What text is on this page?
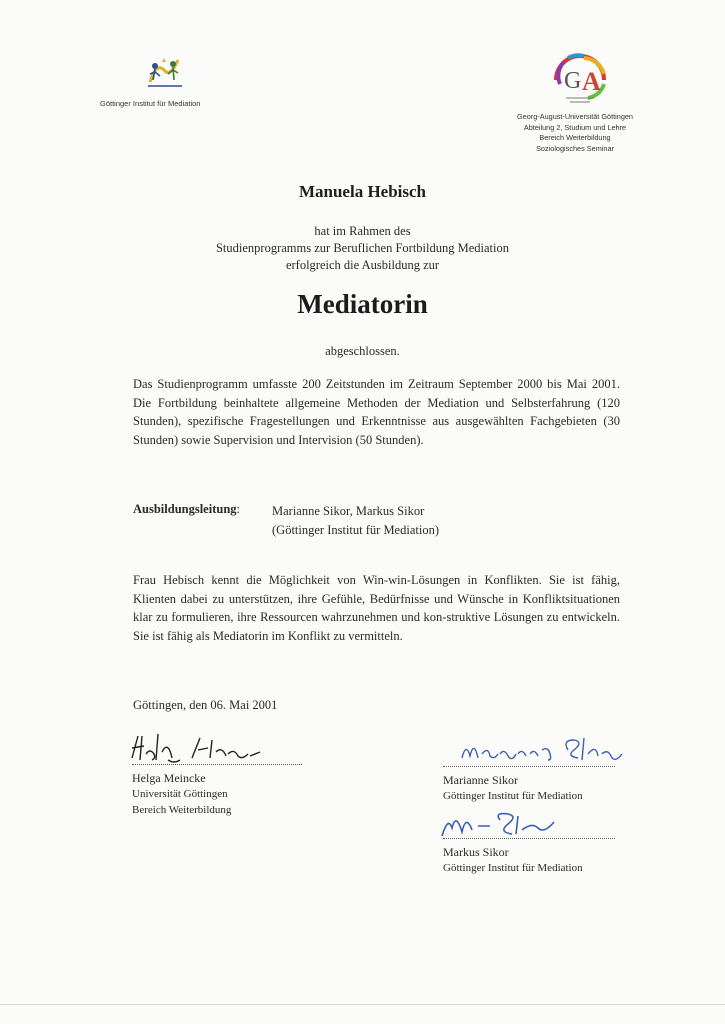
Göttinger Institut für Mediation
G A
Georg-August-Universität Göttingen
Abteilung 2, Studium und Lehre
Bereich Weiterbildung
Soziologisches Seminar
Manuela Hebisch
hat im Rahmen des
Studienprogramms zur Beruflichen Fortbildung Mediation
erfolgreich die Ausbildung zur
Mediatorin
abgeschlossen.
Das Studienprogramm umfasste 200 Zeitstunden im Zeitraum September 2000 bis Mai 2001. Die Fortbildung beinhaltete allgemeine Methoden der Mediation und Selbsterfahrung (120 Stunden), spezifische Fragestellungen und Erkenntnisse aus ausgewählten Fachgebieten (30 Stunden) sowie Supervision und Intervision (50 Stunden).
Ausbildungsleitung:	Marianne Sikor, Markus Sikor
(Göttinger Institut für Mediation)
Frau Hebisch kennt die Möglichkeit von Win-win-Lösungen in Konflikten. Sie ist fähig, Klienten dabei zu unterstützen, ihre Gefühle, Bedürfnisse und Wünsche in Konfliktsituationen klar zu formulieren, ihre Ressourcen wahrzunehmen und kon-struktive Lösungen zu entwickeln. Sie ist fähig als Mediatorin im Konflikt zu vermitteln.
Göttingen, den 06. Mai 2001
Helga Meincke
Universität Göttingen
Bereich Weiterbildung
Marianne Sikor
Göttinger Institut für Mediation
Markus Sikor
Göttinger Institut für Mediation
